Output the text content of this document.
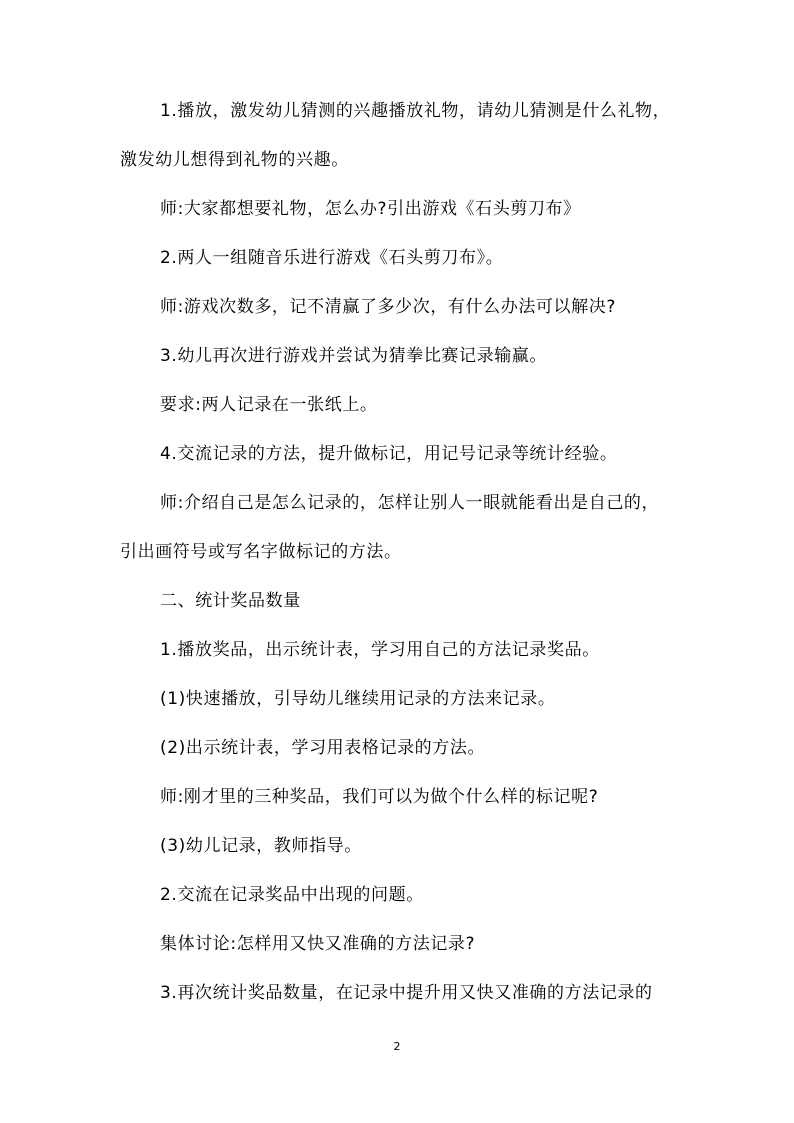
1.播放，激发幼儿猜测的兴趣播放礼物，请幼儿猜测是什么礼物，
激发幼儿想得到礼物的兴趣。
师:大家都想要礼物，怎么办?引出游戏《石头剪刀布》
2.两人一组随音乐进行游戏《石头剪刀布》。
师:游戏次数多，记不清赢了多少次，有什么办法可以解决?
3.幼儿再次进行游戏并尝试为猜拳比赛记录输赢。
要求:两人记录在一张纸上。
4.交流记录的方法，提升做标记，用记号记录等统计经验。
师:介绍自己是怎么记录的，怎样让别人一眼就能看出是自己的，
引出画符号或写名字做标记的方法。
二、统计奖品数量
1.播放奖品，出示统计表，学习用自己的方法记录奖品。
(1)快速播放，引导幼儿继续用记录的方法来记录。
(2)出示统计表，学习用表格记录的方法。
师:刚才里的三种奖品，我们可以为做个什么样的标记呢?
(3)幼儿记录，教师指导。
2.交流在记录奖品中出现的问题。
集体讨论:怎样用又快又准确的方法记录?
3.再次统计奖品数量，在记录中提升用又快又准确的方法记录的
2
